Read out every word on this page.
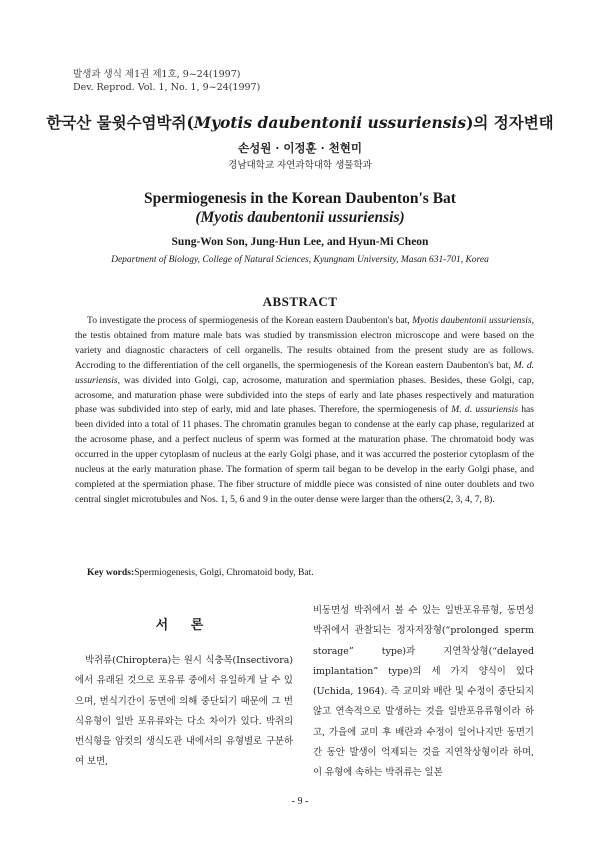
발생과 생식 제1권 제1호, 9~24(1997)
Dev. Reprod. Vol. 1, No. 1, 9~24(1997)
한국산 물윗수염박쥐(Myotis daubentonii ussuriensis)의 정자변태
손성원 · 이정훈 · 천현미
경남대학교 자연과학대학 생물학과
Spermiogenesis in the Korean Daubenton's Bat
(Myotis daubentonii ussuriensis)
Sung-Won Son, Jung-Hun Lee, and Hyun-Mi Cheon
Department of Biology, College of Natural Sciences, Kyungnam University, Masan 631-701, Korea
ABSTRACT

To investigate the process of spermiogenesis of the Korean eastern Daubenton's bat, Myotis daubentonii ussuriensis, the testis obtained from mature male bats was studied by transmission electron microscope and were based on the variety and diagnostic characters of cell organells. The results obtained from the present study are as follows. Accroding to the differentiation of the cell organells, the spermiogenesis of the Korean eastern Daubenton's bat, M. d. ussuriensis, was divided into Golgi, cap, acrosome, maturation and spermiation phases. Besides, these Golgi, cap, acrosome, and maturation phase were subdivided into the steps of early and late phases respectively and maturation phase was subdivided into step of early, mid and late phases. Therefore, the spermiogenesis of M. d. ussuriensis has been divided into a total of 11 phases. The chromatin granules began to condense at the early cap phase, regularized at the acrosome phase, and a perfect nucleus of sperm was formed at the maturation phase. The chromatoid body was occurred in the upper cytoplasm of nucleus at the early Golgi phase, and it was accurred the posterior cytoplasm of the nucleus at the early maturation phase. The formation of sperm tail began to be develop in the early Golgi phase, and completed at the spermiation phase. The fiber structure of middle piece was consisted of nine outer doublets and two central singlet microtubules and Nos. 1, 5, 6 and 9 in the outer dense were larger than the others(2, 3, 4, 7, 8).

Key words:Spermiogenesis, Golgi, Chromatoid body, Bat.
서 론

박쥐류(Chiroptera)는 원시 식충목(Insectivora)에서 유래된 것으로 포유류 중에서 유일하게 날 수 있으며, 번식기간이 동면에 의해 중단되기 때문에 그 번식유형이 일반 포유류와는 다소 차이가 있다. 박쥐의 번식형을 암컷의 생식도관 내에서의 유형별로 구분하여 보면,

비동면성 박쥐에서 볼 수 있는 일반포유류형, 동면성 박쥐에서 관찰되는 정자저장형(“prolonged sperm storage” type)과 지연착상형(“delayed implantation” type)의 세 가지 양식이 있다(Uchida, 1964). 즉 교미와 배란 및 수정이 중단되지 않고 연속적으로 발생하는 것을 일반포유류형이라 하고, 가을에 교미 후 배란과 수정이 일어나지만 동면기간 동안 발생이 억제되는 것을 지연착상형이라 하며, 이 유형에 속하는 박쥐류는 일본

- 9 -
